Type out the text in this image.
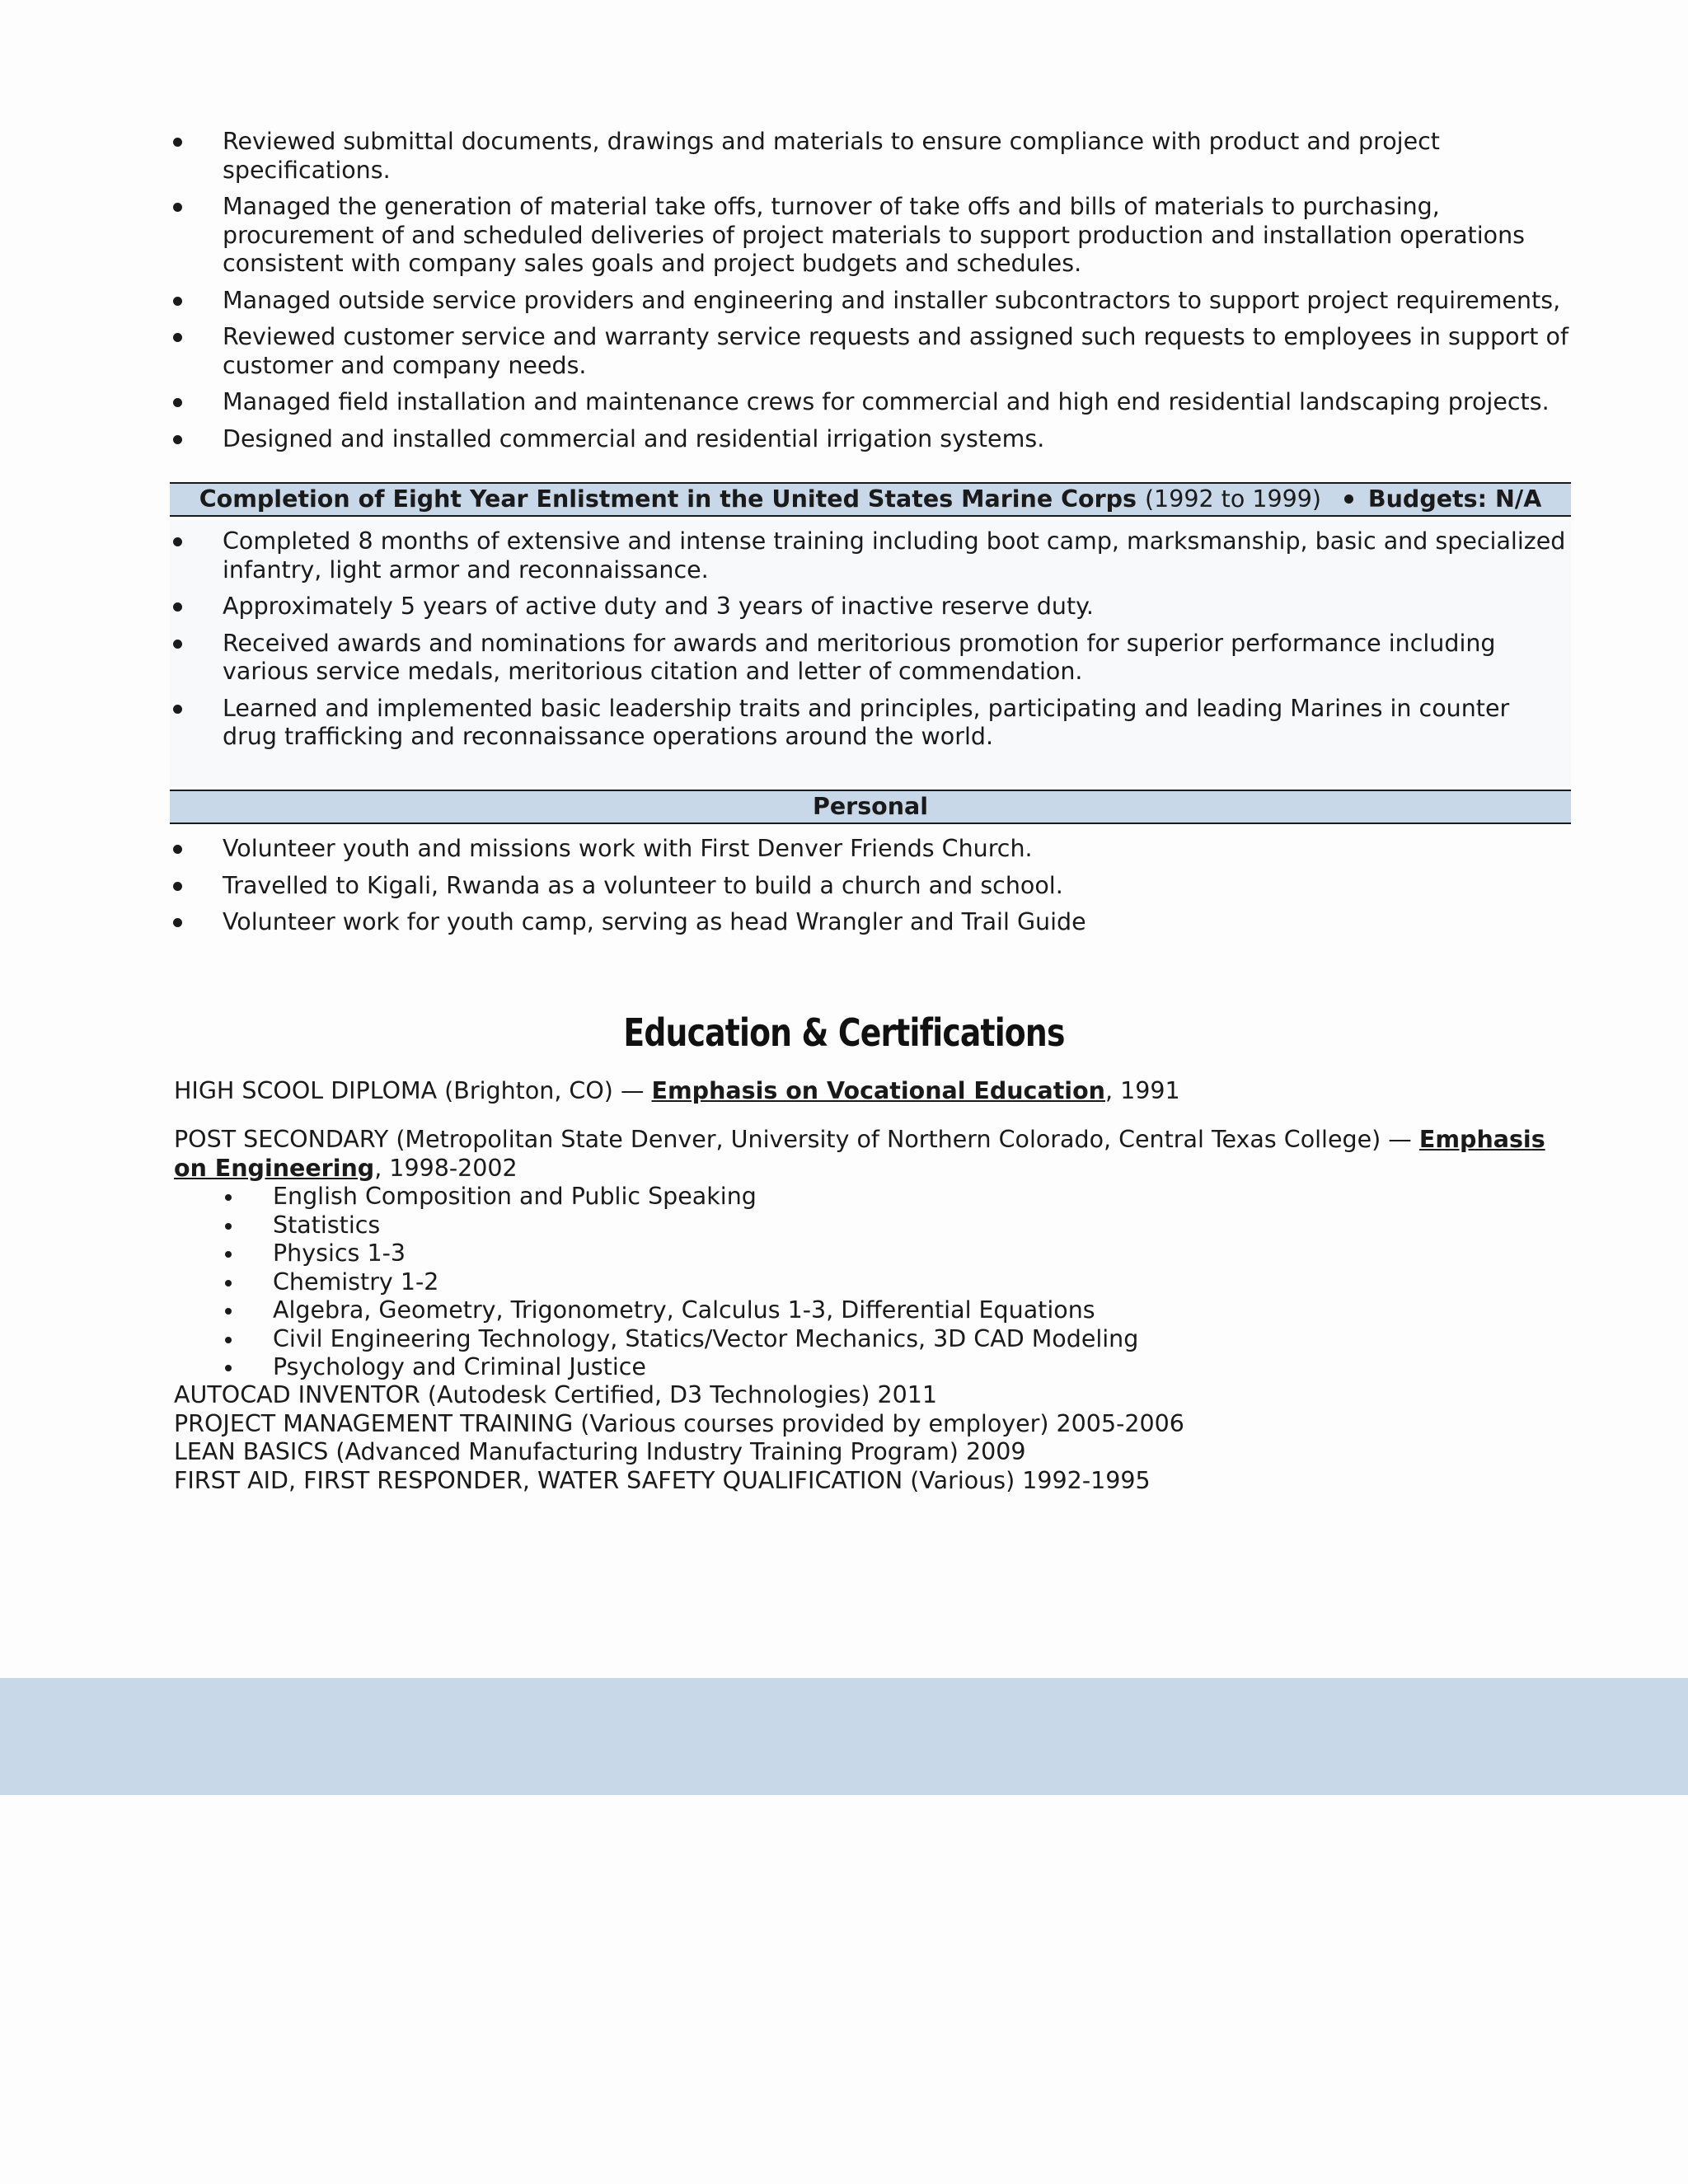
Reviewed submittal documents, drawings and materials to ensure compliance with product and project specifications.
Managed the generation of material take offs, turnover of take offs and bills of materials to purchasing, procurement of and scheduled deliveries of project materials to support production and installation operations consistent with company sales goals and project budgets and schedules.
Managed outside service providers and engineering and installer subcontractors to support project requirements,
Reviewed customer service and warranty service requests and assigned such requests to employees in support of customer and company needs.
Managed field installation and maintenance crews for commercial and high end residential landscaping projects.
Designed and installed commercial and residential irrigation systems.
Completion of Eight Year Enlistment in the United States Marine Corps (1992 to 1999) Budgets: N/A
Completed 8 months of extensive and intense training including boot camp, marksmanship, basic and specialized infantry, light armor and reconnaissance.
Approximately 5 years of active duty and 3 years of inactive reserve duty.
Received awards and nominations for awards and meritorious promotion for superior performance including various service medals, meritorious citation and letter of commendation.
Learned and implemented basic leadership traits and principles, participating and leading Marines in counter drug trafficking and reconnaissance operations around the world.
Personal
Volunteer youth and missions work with First Denver Friends Church.
Travelled to Kigali, Rwanda as a volunteer to build a church and school.
Volunteer work for youth camp, serving as head Wrangler and Trail Guide
Education & Certifications

HIGH SCOOL DIPLOMA (Brighton, CO) — Emphasis on Vocational Education, 1991

POST SECONDARY (Metropolitan State Denver, University of Northern Colorado, Central Texas College) — Emphasis on Engineering, 1998-2002

English Composition and Public Speaking
Statistics
Physics 1-3
Chemistry 1-2
Algebra, Geometry, Trigonometry, Calculus 1-3, Differential Equations
Civil Engineering Technology, Statics/Vector Mechanics, 3D CAD Modeling
Psychology and Criminal Justice
AUTOCAD INVENTOR (Autodesk Certified, D3 Technologies) 2011
PROJECT MANAGEMENT TRAINING (Various courses provided by employer) 2005-2006
LEAN BASICS (Advanced Manufacturing Industry Training Program) 2009
FIRST AID, FIRST RESPONDER, WATER SAFETY QUALIFICATION (Various) 1992-1995
